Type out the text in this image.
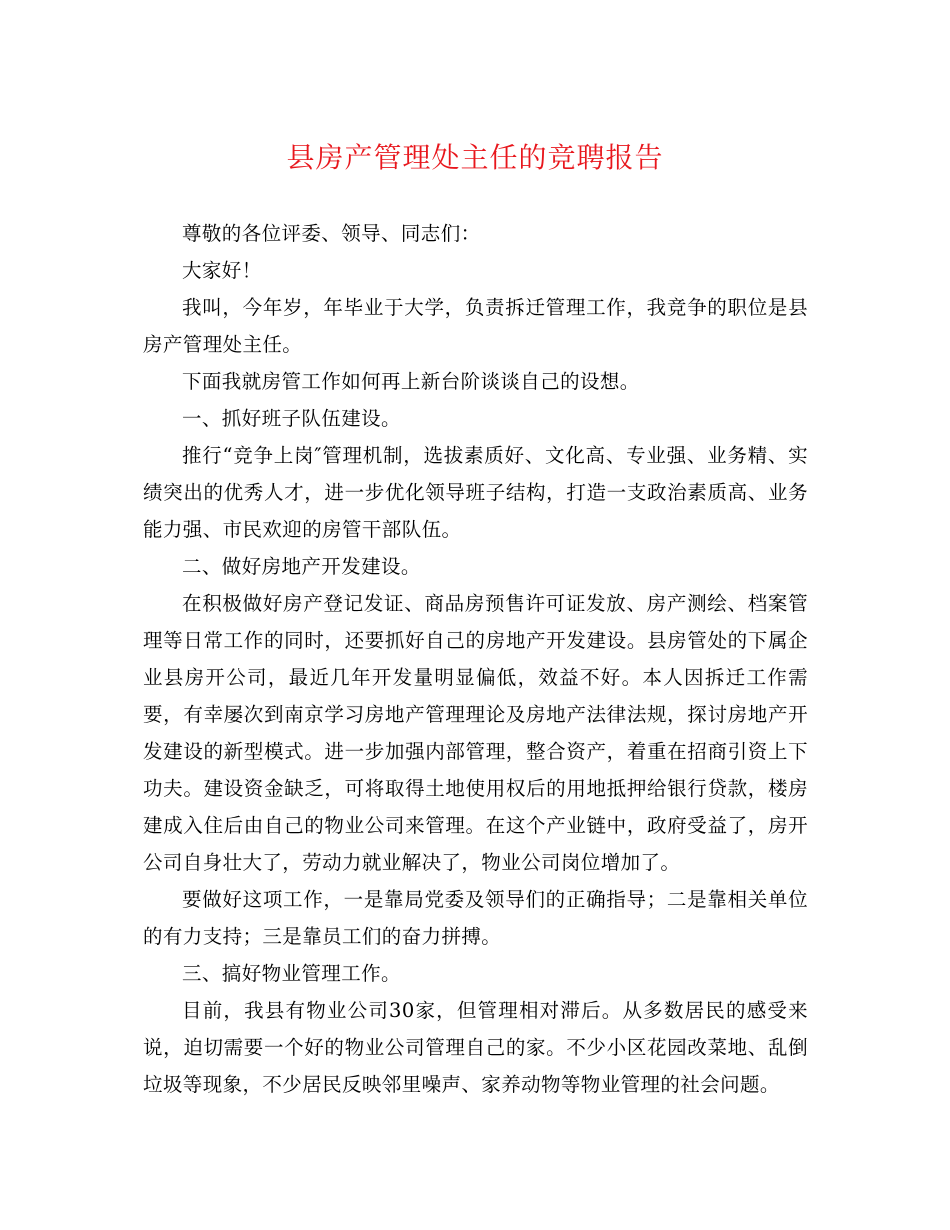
县房产管理处主任的竞聘报告

尊敬的各位评委、领导、同志们：

大家好！

我叫，今年岁，年毕业于大学，负责拆迁管理工作，我竞争的职位是县房产管理处主任。

下面我就房管工作如何再上新台阶谈谈自己的设想。

一、抓好班子队伍建设。

推行“竞争上岗″管理机制，选拔素质好、文化高、专业强、业务精、实绩突出的优秀人才，进一步优化领导班子结构，打造一支政治素质高、业务能力强、市民欢迎的房管干部队伍。

二、做好房地产开发建设。

在积极做好房产登记发证、商品房预售许可证发放、房产测绘、档案管理等日常工作的同时，还要抓好自己的房地产开发建设。县房管处的下属企业县房开公司，最近几年开发量明显偏低，效益不好。本人因拆迁工作需要，有幸屡次到南京学习房地产管理理论及房地产法律法规，探讨房地产开发建设的新型模式。进一步加强内部管理，整合资产，着重在招商引资上下功夫。建设资金缺乏，可将取得土地使用权后的用地抵押给银行贷款，楼房建成入住后由自己的物业公司来管理。在这个产业链中，政府受益了，房开公司自身壮大了，劳动力就业解决了，物业公司岗位增加了。

要做好这项工作，一是靠局党委及领导们的正确指导；二是靠相关单位的有力支持；三是靠员工们的奋力拼搏。

三、搞好物业管理工作。

目前，我县有物业公司30家，但管理相对滞后。从多数居民的感受来说，迫切需要一个好的物业公司管理自己的家。不少小区花园改菜地、乱倒垃圾等现象，不少居民反映邻里噪声、家养动物等物业管理的社会问题。
